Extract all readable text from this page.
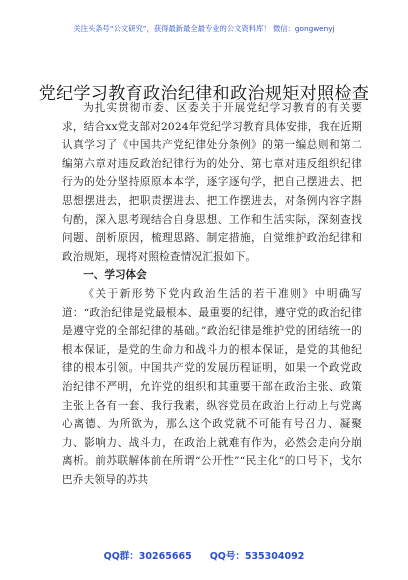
关注头条号“公文研究”，获得最新最全最专业的公文资料库！ 微信：gongwenyj
党纪学习教育政治纪律和政治规矩对照检查

为扎实贯彻市委、区委关于开展党纪学习教育的有关要求，结合xx党支部对2024年党纪学习教育具体安排，我在近期认真学习了《中国共产党纪律处分条例》的第一编总则和第二编第六章对违反政治纪律行为的处分、第七章对违反组织纪律行为的处分坚持原原本本学，逐字逐句学，把自己摆进去、把思想摆进去，把职责摆进去、把工作摆进去，对条例内容字斟句酌，深入思考现结合自身思想、工作和生活实际，深刻查找问题、剖析原因，梳理思路、制定措施，自觉维护政治纪律和政治规矩，现将对照检查情况汇报如下。

一、学习体会

《关于新形势下党内政治生活的若干准则》中明确写道：“政治纪律是党最根本、最重要的纪律，遵守党的政治纪律是遵守党的全部纪律的基础。”政治纪律是维护党的团结统一的根本保证，是党的生命力和战斗力的根本保证，是党的其他纪律的根本引领。中国共产党的发展历程证明，如果一个政党政治纪律不严明，允许党的组织和其重要干部在政治主张、政策主张上各有一套、我行我素，纵容党员在政治上行动上与党离心离德、为所欲为，那么这个政党就不可能有号召力、凝聚力、影响力、战斗力，在政治上就难有作为，必然会走向分崩离析。前苏联解体前在所谓“公开性”“民主化”的口号下，戈尔巴乔夫领导的苏共

QQ群：30265665 QQ号：535304092
